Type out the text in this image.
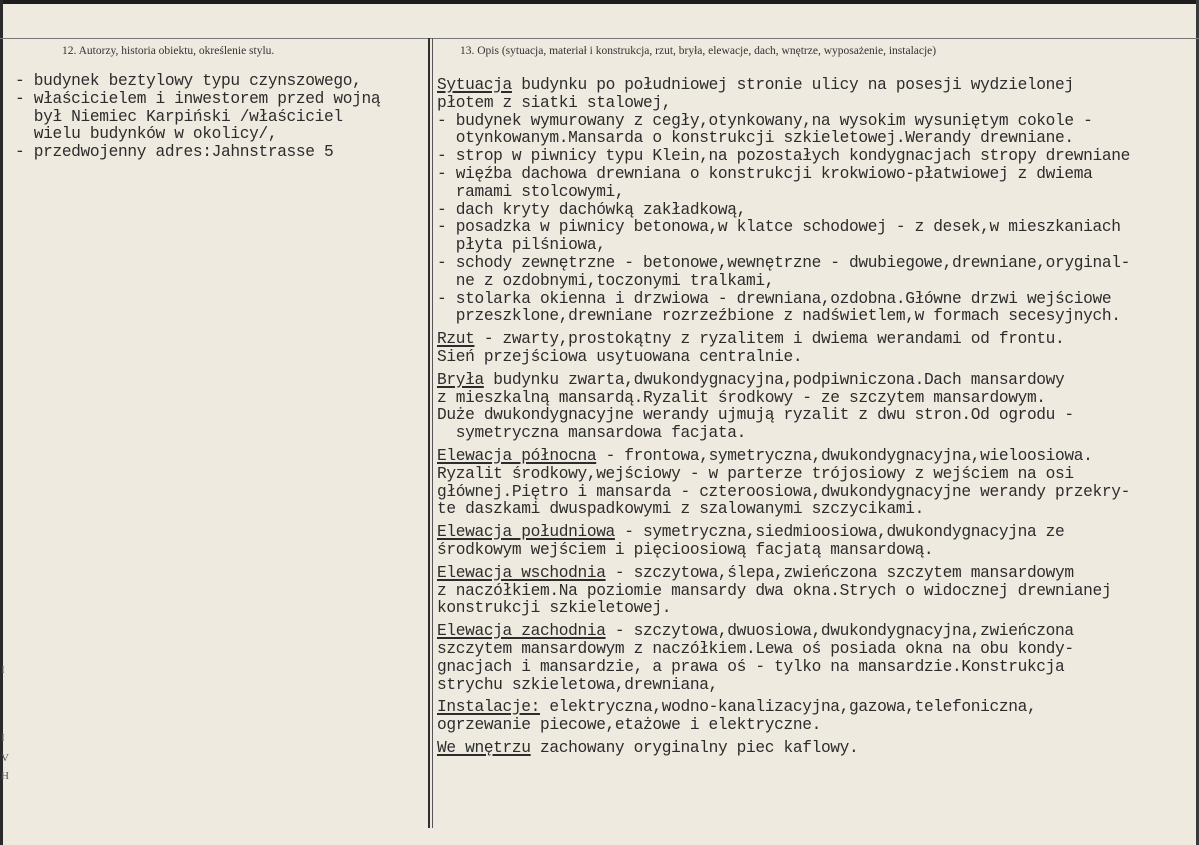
12. Autorzy, historia obiektu, określenie stylu.	13. Opis (sytuacja, materiał i konstrukcja, rzut, bryła, elewacje, dach, wnętrze, wyposażenie, instalacje)
I
I
V
H
- budynek beztylowy typu czynszowego,
- właścicielem i inwestorem przed wojną
był Niemiec Karpiński /właściciel
wielu budynków w okolicy/,
- przedwojenny adres:Jahnstrasse 5
Sytuacja budynku po południowej stronie ulicy na posesji wydzielonej
płotem z siatki stalowej,
- budynek wymurowany z cegły,otynkowany,na wysokim wysuniętym cokole -
otynkowanym.Mansarda o konstrukcji szkieletowej.Werandy drewniane.
- strop w piwnicy typu Klein,na pozostałych kondygnacjach stropy drewniane
- więźba dachowa drewniana o konstrukcji krokwiowo-płatwiowej z dwiema
ramami stolcowymi,
- dach kryty dachówką zakładkową,
- posadzka w piwnicy betonowa,w klatce schodowej - z desek,w mieszkaniach
płyta pilśniowa,
- schody zewnętrzne - betonowe,wewnętrzne - dwubiegowe,drewniane,oryginal-
ne z ozdobnymi,toczonymi tralkami,
- stolarka okienna i drzwiowa - drewniana,ozdobna.Główne drzwi wejściowe
przeszklone,drewniane rozrzeźbione z nadświetlem,w formach secesyjnych.
Rzut - zwarty,prostokątny z ryzalitem i dwiema werandami od frontu.
Sień przejściowa usytuowana centralnie.
Bryła budynku zwarta,dwukondygnacyjna,podpiwniczona.Dach mansardowy
z mieszkalną mansardą.Ryzalit środkowy - ze szczytem mansardowym.
Duże dwukondygnacyjne werandy ujmują ryzalit z dwu stron.Od ogrodu -
symetryczna mansardowa facjata.
Elewacja północna - frontowa,symetryczna,dwukondygnacyjna,wieloosiowa.
Ryzalit środkowy,wejściowy - w parterze trójosiowy z wejściem na osi
głównej.Piętro i mansarda - czteroosiowa,dwukondygnacyjne werandy przekry-
te daszkami dwuspadkowymi z szalowanymi szczycikami.
Elewacja południowa - symetryczna,siedmioosiowa,dwukondygnacyjna ze
środkowym wejściem i pięcioosiową facjatą mansardową.
Elewacja wschodnia - szczytowa,ślepa,zwieńczona szczytem mansardowym
z naczółkiem.Na poziomie mansardy dwa okna.Strych o widocznej drewnianej
konstrukcji szkieletowej.
Elewacja zachodnia - szczytowa,dwuosiowa,dwukondygnacyjna,zwieńczona
szczytem mansardowym z naczółkiem.Lewa oś posiada okna na obu kondy-
gnacjach i mansardzie, a prawa oś - tylko na mansardzie.Konstrukcja
strychu szkieletowa,drewniana,
Instalacje: elektryczna,wodno-kanalizacyjna,gazowa,telefoniczna,
ogrzewanie piecowe,etażowe i elektryczne.
We wnętrzu zachowany oryginalny piec kaflowy.
